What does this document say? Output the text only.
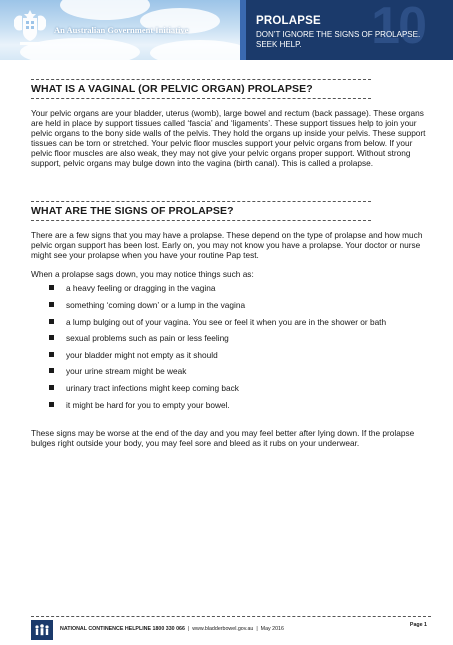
An Australian Government Initiative	10
PROLAPSE
DON’T IGNORE THE SIGNS OF PROLAPSE. SEEK HELP.
WHAT IS A VAGINAL (OR PELVIC ORGAN) PROLAPSE?

Your pelvic organs are your bladder, uterus (womb), large bowel and rectum (back passage). These organs are held in place by support tissues called ‘fascia’ and ‘ligaments’. These support tissues help to join your pelvic organs to the bony side walls of the pelvis. They hold the organs up inside your pelvis. These support tissues can be torn or stretched. Your pelvic floor muscles support your pelvic organs from below. If your pelvic floor muscles are also weak, they may not give your pelvic organs proper support. Without strong support, pelvic organs may bulge down into the vagina (birth canal). This is called a prolapse.

WHAT ARE THE SIGNS OF PROLAPSE?

There are a few signs that you may have a prolapse. These depend on the type of prolapse and how much pelvic organ support has been lost. Early on, you may not know you have a prolapse. Your doctor or nurse might see your prolapse when you have your routine Pap test.

When a prolapse sags down, you may notice things such as:

a heavy feeling or dragging in the vagina
something ‘coming down’ or a lump in the vagina
a lump bulging out of your vagina. You see or feel it when you are in the shower or bath
sexual problems such as pain or less feeling
your bladder might not empty as it should
your urine stream might be weak
urinary tract infections might keep coming back
it might be hard for you to empty your bowel.

These signs may be worse at the end of the day and you may feel better after lying down. If the prolapse bulges right outside your body, you may feel sore and bleed as it rubs on your underwear.

NATIONAL CONTINENCE HELPLINE 1800 330 066 | www.bladderbowel.gov.au | May 2016
Page 1
